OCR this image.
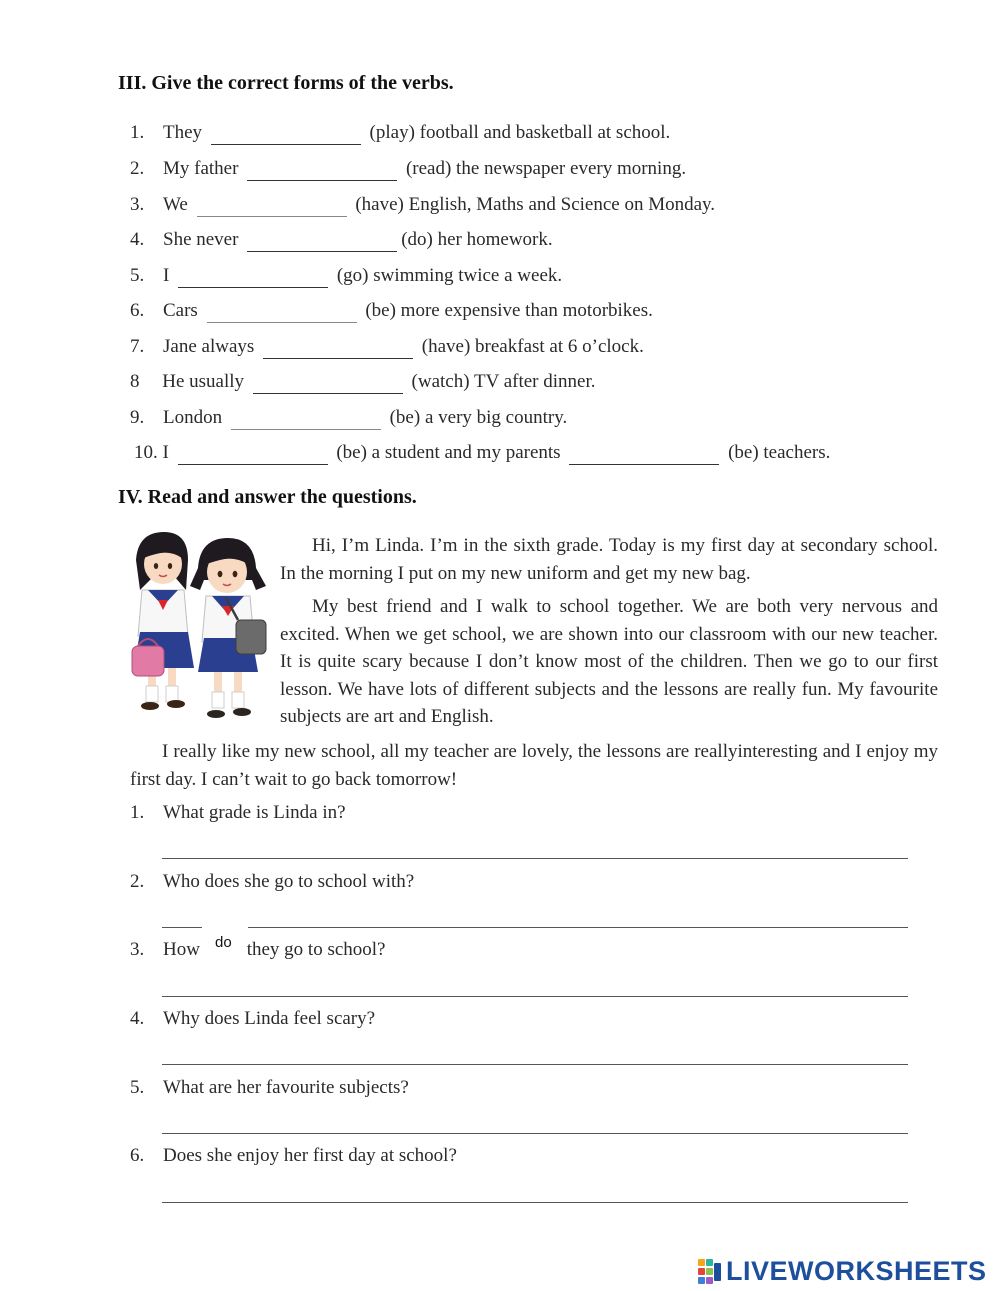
III. Give the correct forms of the verbs.
1. They	(play) football and basketball at school.
2. My father	(read) the newspaper every morning.
3. We	(have) English, Maths and Science on Monday.
4. She never	(do) her homework.
5. I	(go) swimming twice a week.
6. Cars	(be) more expensive than motorbikes.
7. Jane always	(have) breakfast at 6 o’clock.
8 He usually	(watch) TV after dinner.
9. London	(be) a very big country.
10. I	(be) a student and my parents	(be) teachers.
IV. Read and answer the questions.
Hi, I’m Linda. I’m in the sixth grade. Today is my first day at secondary school. In the morning I put on my new uniform and get my new bag.
My best friend and I walk to school together. We are both very nervous and excited. When we get school, we are shown into our classroom with our new teacher. It is quite scary because I don’t know most of the children. Then we go to our first lesson. We have lots of different subjects and the lessons are really fun. My favourite subjects are art and English.
I really like my new school, all my teacher are lovely, the lessons are reallyinteresting and I enjoy my first day. I can’t wait to go back tomorrow!
1. What grade is Linda in?
2. Who does she go to school with?
3. How they go to school?
do
4. Why does Linda feel scary?
5. What are her favourite subjects?
6. Does she enjoy her first day at school?
LIVEWORKSHEETS
